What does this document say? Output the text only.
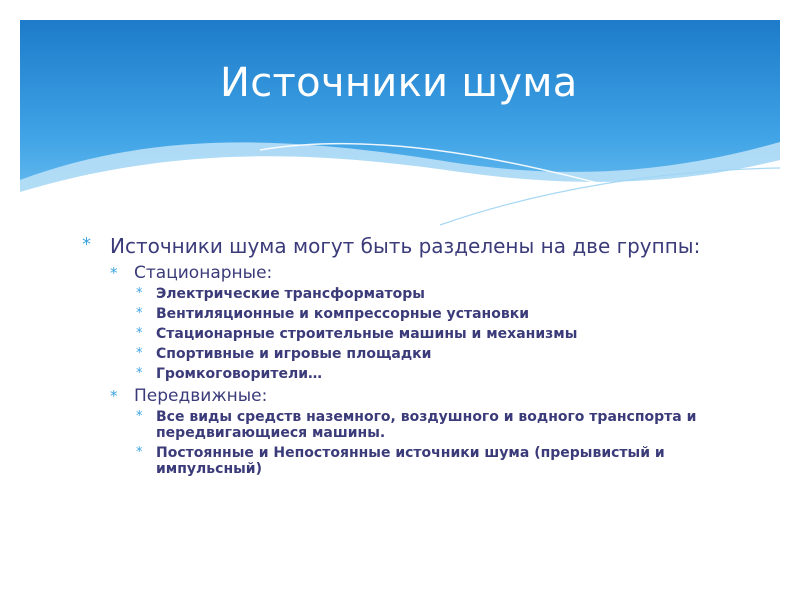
Источники шума
* Источники шума могут быть разделены на две группы:
* Стационарные:
* Электрические трансформаторы
* Вентиляционные и компрессорные установки
* Стационарные строительные машины и механизмы
* Спортивные и игровые площадки
* Громкоговорители…
* Передвижные:
* Все виды средств наземного, воздушного и водного транспорта и передвигающиеся машины.
* Постоянные и Непостоянные источники шума (прерывистый и импульсный)
